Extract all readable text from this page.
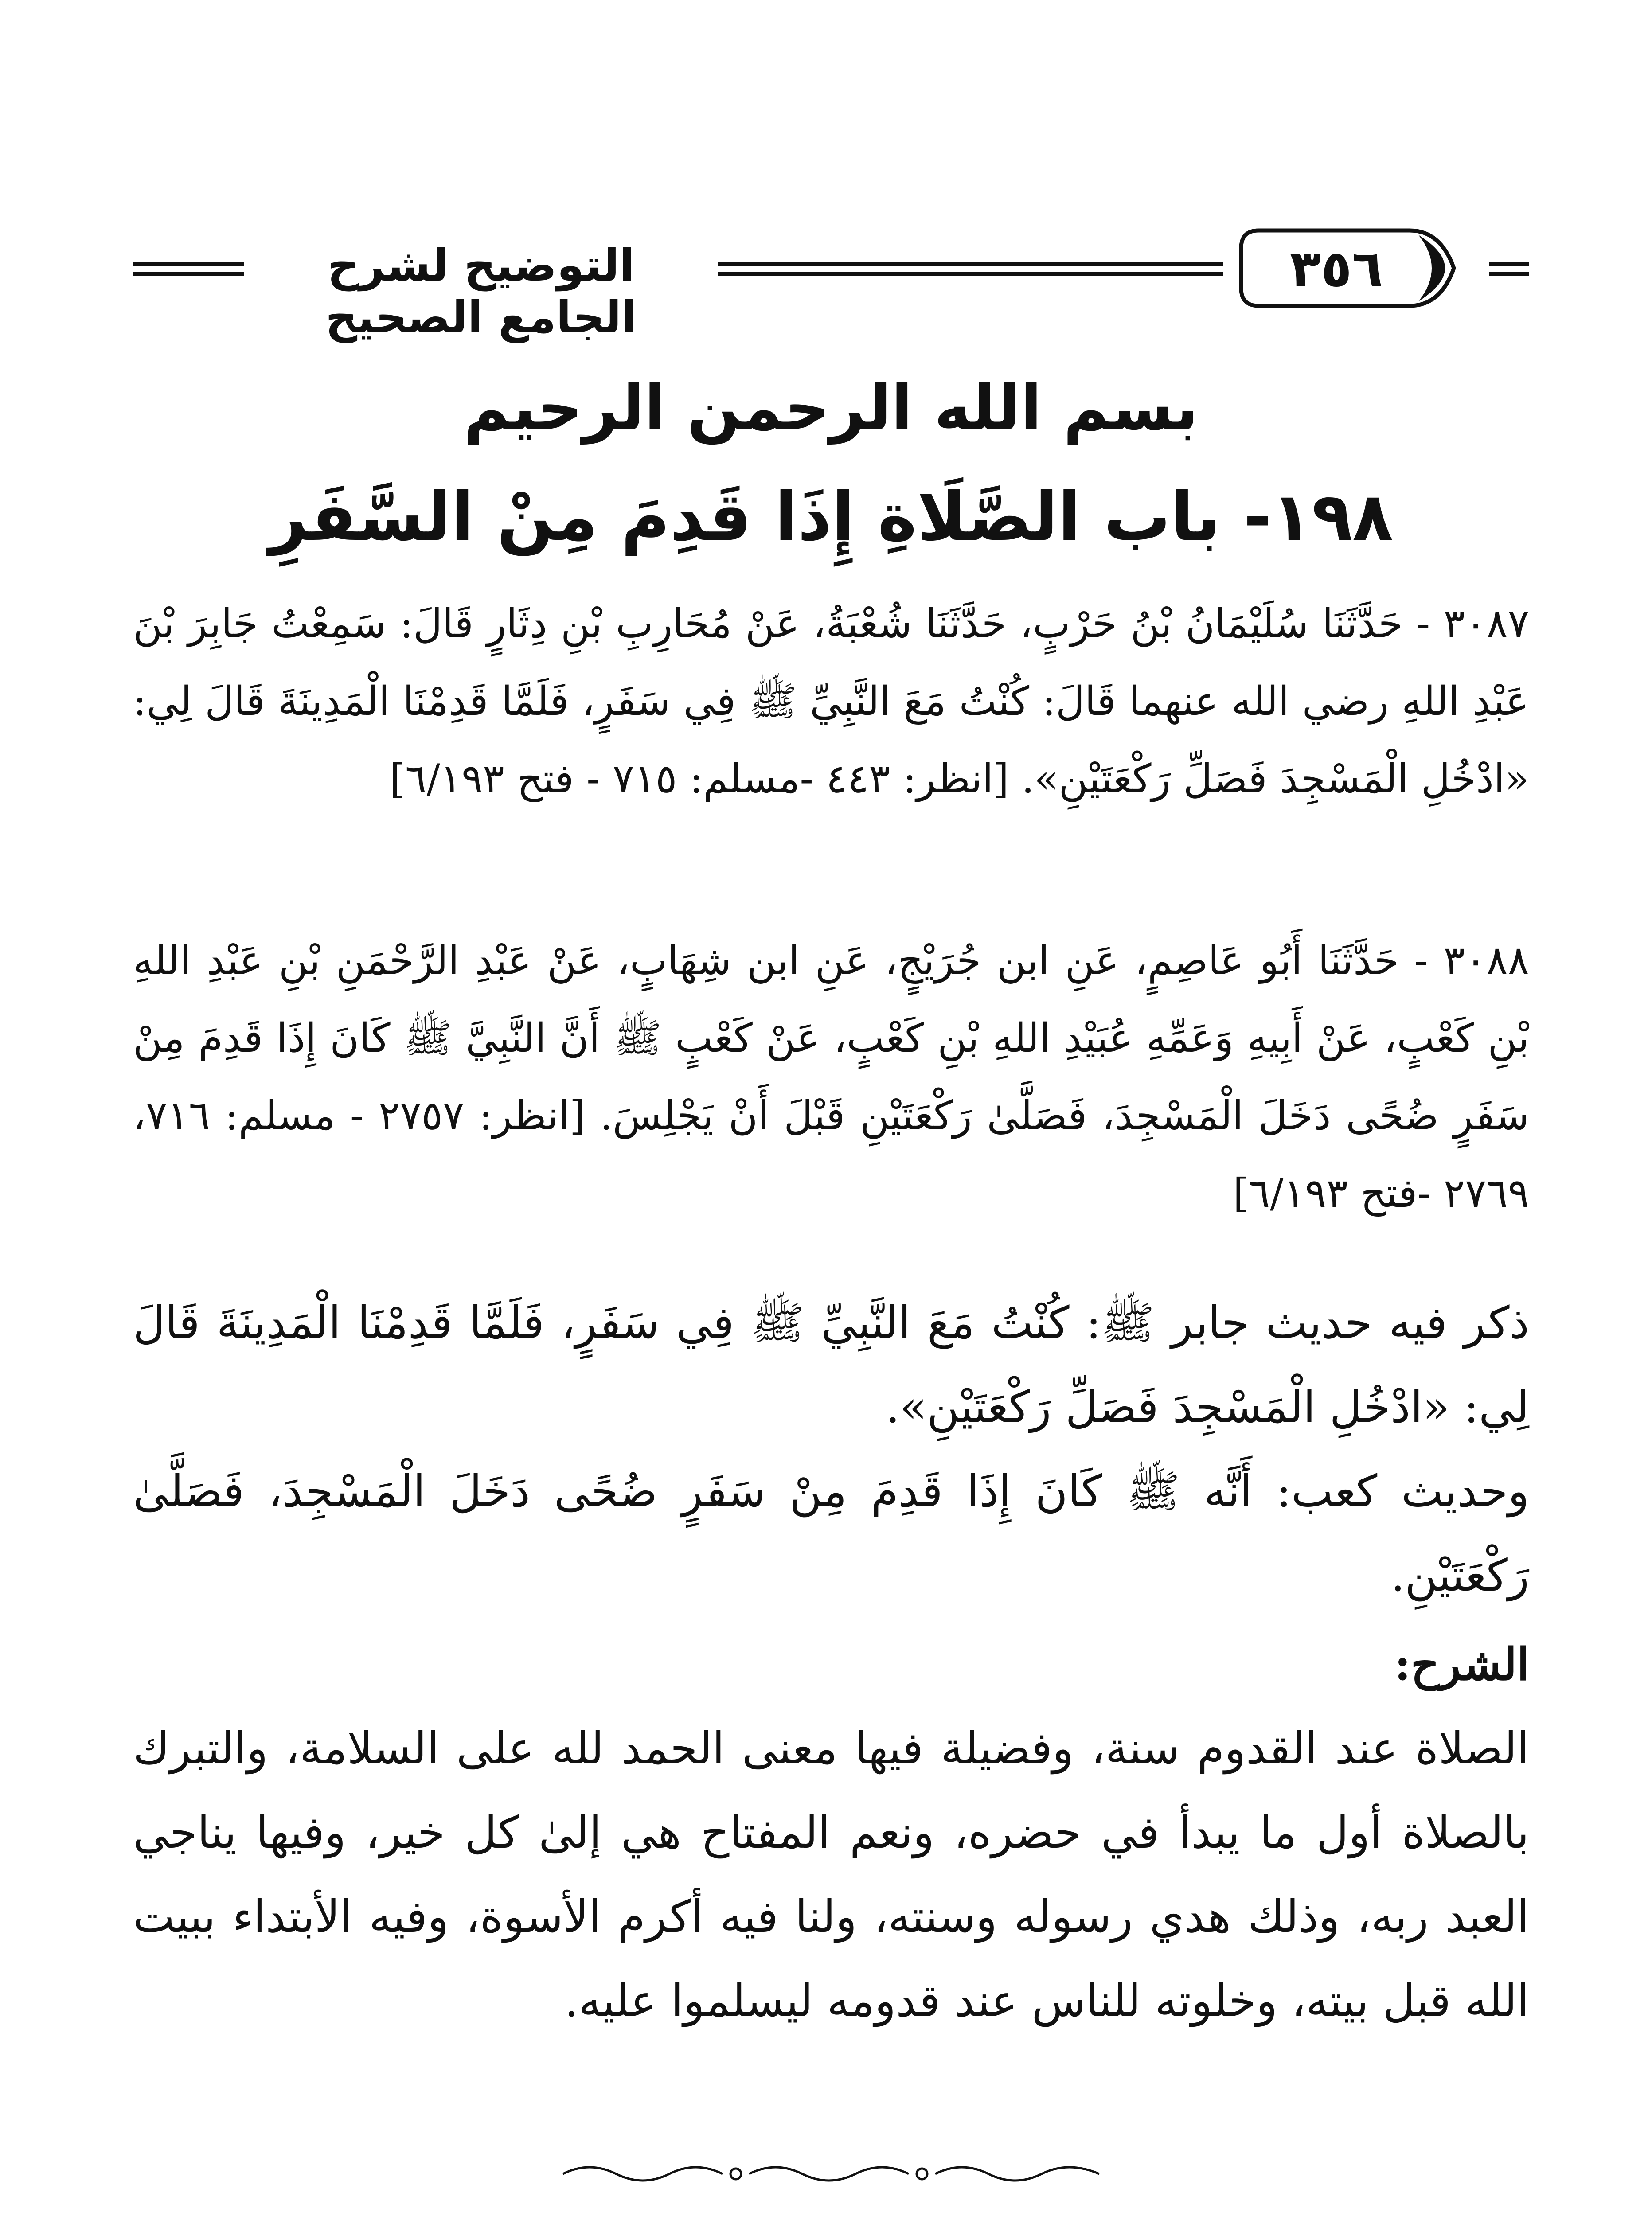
التوضيح لشرح الجامع الصحيح
٣٥٦
بسم الله الرحمن الرحيم
١٩٨- باب الصَّلَاةِ إِذَا قَدِمَ مِنْ السَّفَرِ
٣٠٨٧ - حَدَّثَنَا سُلَيْمَانُ بْنُ حَرْبٍ، حَدَّثَنَا شُعْبَةُ، عَنْ مُحَارِبِ بْنِ دِثَارٍ قَالَ: سَمِعْتُ جَابِرَ بْنَ عَبْدِ اللهِ رضي الله عنهما قَالَ: كُنْتُ مَعَ النَّبِيِّ ﷺ فِي سَفَرٍ، فَلَمَّا قَدِمْنَا الْمَدِينَةَ قَالَ لِي: «ادْخُلِ الْمَسْجِدَ فَصَلِّ رَكْعَتَيْنِ». [انظر: ٤٤٣ -مسلم: ٧١٥ - فتح ٦/١٩٣]
٣٠٨٨ - حَدَّثَنَا أَبُو عَاصِمٍ، عَنِ ابن جُرَيْجٍ، عَنِ ابن شِهَابٍ، عَنْ عَبْدِ الرَّحْمَنِ بْنِ عَبْدِ اللهِ بْنِ كَعْبٍ، عَنْ أَبِيهِ وَعَمِّهِ عُبَيْدِ اللهِ بْنِ كَعْبٍ، عَنْ كَعْبٍ ﷺ أَنَّ النَّبِيَّ ﷺ كَانَ إِذَا قَدِمَ مِنْ سَفَرٍ ضُحًى دَخَلَ الْمَسْجِدَ، فَصَلَّىٰ رَكْعَتَيْنِ قَبْلَ أَنْ يَجْلِسَ. [انظر: ٢٧٥٧ - مسلم: ٧١٦، ٢٧٦٩ -فتح ٦/١٩٣]
ذكر فيه حديث جابر ﷺ: كُنْتُ مَعَ النَّبِيِّ ﷺ فِي سَفَرٍ، فَلَمَّا قَدِمْنَا الْمَدِينَةَ قَالَ لِي: «ادْخُلِ الْمَسْجِدَ فَصَلِّ رَكْعَتَيْنِ».
وحديث كعب: أَنَّه ﷺ كَانَ إِذَا قَدِمَ مِنْ سَفَرٍ ضُحًى دَخَلَ الْمَسْجِدَ، فَصَلَّىٰ رَكْعَتَيْنِ.
الشرح:
الصلاة عند القدوم سنة، وفضيلة فيها معنى الحمد لله على السلامة، والتبرك بالصلاة أول ما يبدأ في حضره، ونعم المفتاح هي إلىٰ كل خير، وفيها يناجي العبد ربه، وذلك هدي رسوله وسنته، ولنا فيه أكرم الأسوة، وفيه الأبتداء ببيت الله قبل بيته، وخلوته للناس عند قدومه ليسلموا عليه.
